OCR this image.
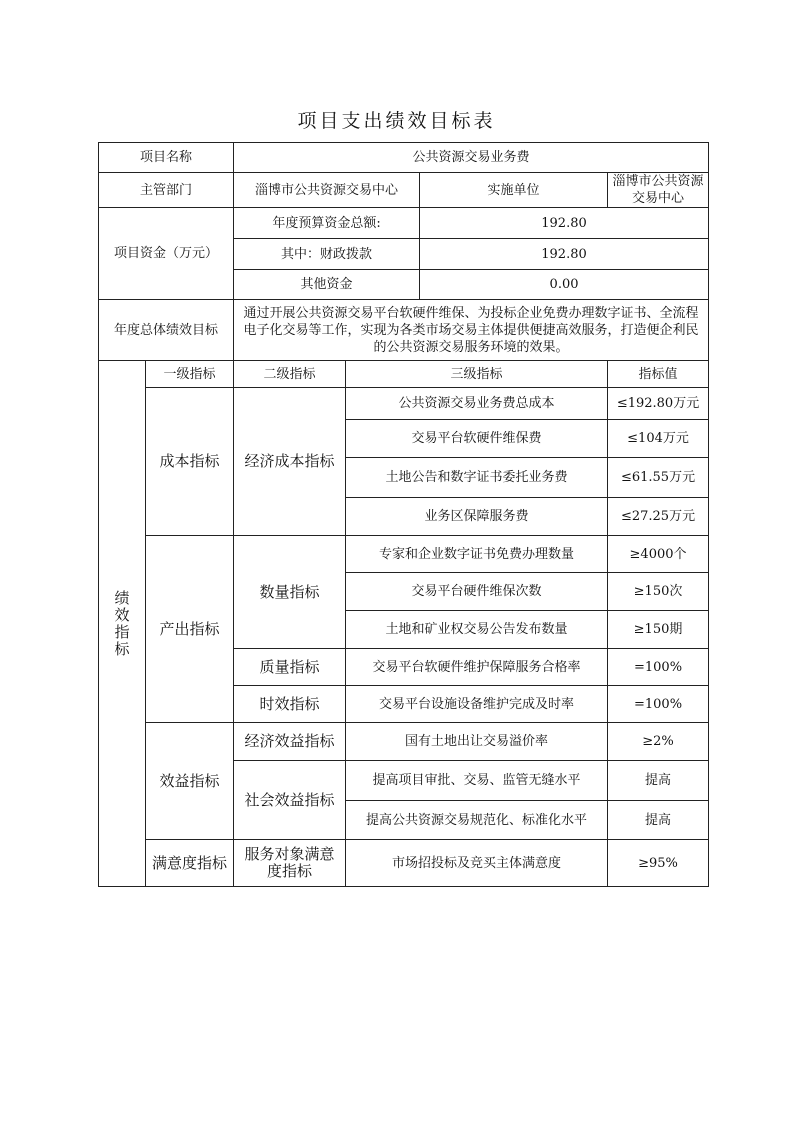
项目支出绩效目标表
项目名称		公共资源交易业务费			
主管部门		淄博市公共资源交易中心		实施单位	淄博市公共资源交易中心
项目资金（万元）		年度预算资金总额:		192.80	
		其中：财政拨款		192.80	
		其他资金		0.00	
年度总体绩效目标		通过开展公共资源交易平台软硬件维保、为投标企业免费办理数字证书、全流程电子化交易等工作，实现为各类市场交易主体提供便捷高效服务，打造便企利民的公共资源交易服务环境的效果。			
绩效指标	一级指标	二级指标	三级指标		指标值
	成本指标	经济成本指标	公共资源交易业务费总成本		≤192.80万元
			交易平台软硬件维保费		≤104万元
			土地公告和数字证书委托业务费		≤61.55万元
			业务区保障服务费		≤27.25万元
	产出指标	数量指标	专家和企业数字证书免费办理数量		≥4000个
			交易平台硬件维保次数		≥150次
			土地和矿业权交易公告发布数量		≥150期
		质量指标	交易平台软硬件维护保障服务合格率		=100%
		时效指标	交易平台设施设备维护完成及时率		=100%
	效益指标	经济效益指标	国有土地出让交易溢价率		≥2%
		社会效益指标	提高项目审批、交易、监管无缝水平		提高
			提高公共资源交易规范化、标准化水平		提高
	满意度指标	服务对象满意度指标	市场招投标及竞买主体满意度		≥95%
